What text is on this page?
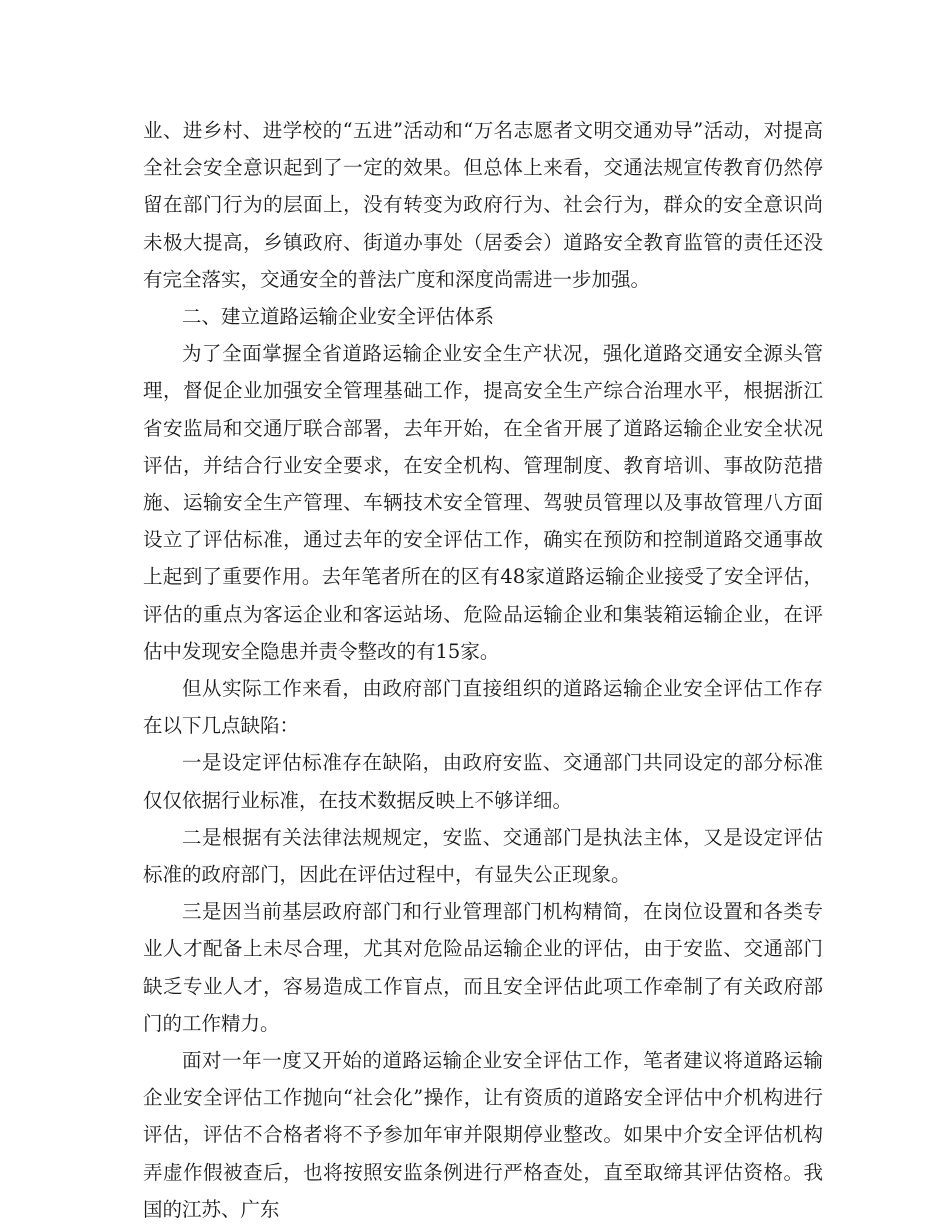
业、进乡村、进学校的“五进”活动和“万名志愿者文明交通劝导”活动，对提高全社会安全意识起到了一定的效果。但总体上来看，交通法规宣传教育仍然停留在部门行为的层面上，没有转变为政府行为、社会行为，群众的安全意识尚未极大提高，乡镇政府、街道办事处（居委会）道路安全教育监管的责任还没有完全落实，交通安全的普法广度和深度尚需进一步加强。

二、建立道路运输企业安全评估体系

为了全面掌握全省道路运输企业安全生产状况，强化道路交通安全源头管理，督促企业加强安全管理基础工作，提高安全生产综合治理水平，根据浙江省安监局和交通厅联合部署，去年开始，在全省开展了道路运输企业安全状况评估，并结合行业安全要求，在安全机构、管理制度、教育培训、事故防范措施、运输安全生产管理、车辆技术安全管理、驾驶员管理以及事故管理八方面设立了评估标准，通过去年的安全评估工作，确实在预防和控制道路交通事故上起到了重要作用。去年笔者所在的区有48家道路运输企业接受了安全评估，评估的重点为客运企业和客运站场、危险品运输企业和集装箱运输企业，在评估中发现安全隐患并责令整改的有15家。

但从实际工作来看，由政府部门直接组织的道路运输企业安全评估工作存在以下几点缺陷：

一是设定评估标准存在缺陷，由政府安监、交通部门共同设定的部分标准仅仅依据行业标准，在技术数据反映上不够详细。

二是根据有关法律法规规定，安监、交通部门是执法主体，又是设定评估标准的政府部门，因此在评估过程中，有显失公正现象。

三是因当前基层政府部门和行业管理部门机构精简，在岗位设置和各类专业人才配备上未尽合理，尤其对危险品运输企业的评估，由于安监、交通部门缺乏专业人才，容易造成工作盲点，而且安全评估此项工作牵制了有关政府部门的工作精力。

面对一年一度又开始的道路运输企业安全评估工作，笔者建议将道路运输企业安全评估工作抛向“社会化”操作，让有资质的道路安全评估中介机构进行评估，评估不合格者将不予参加年审并限期停业整改。如果中介安全评估机构弄虚作假被查后，也将按照安监条例进行严格查处，直至取缔其评估资格。我国的江苏、广东
